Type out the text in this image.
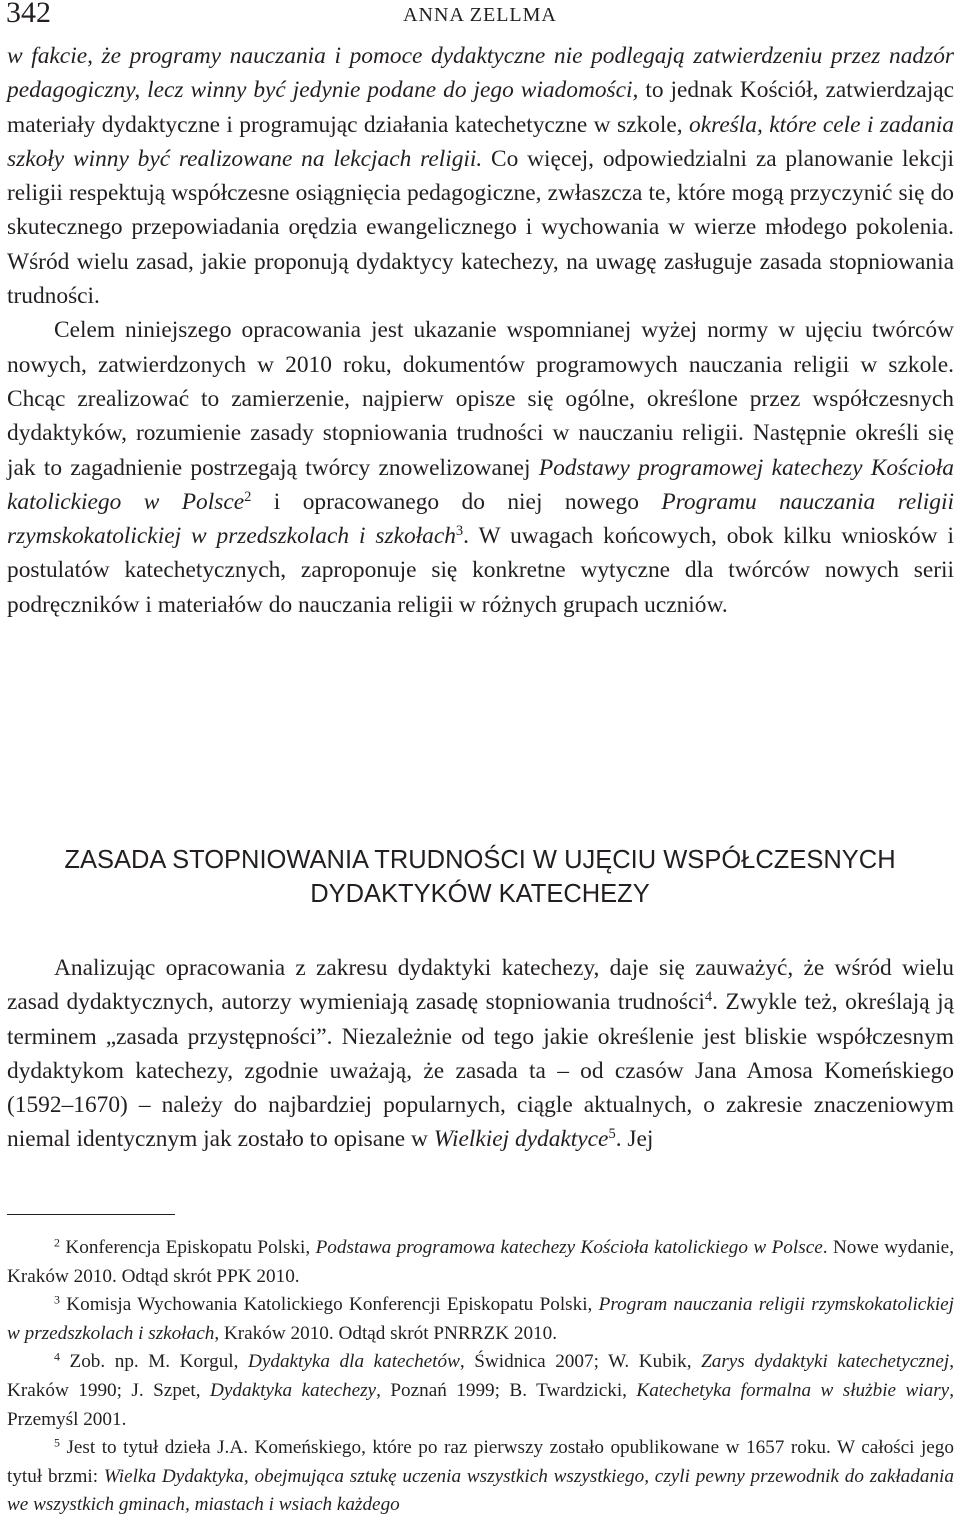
342	ANNA ZELLMA

w fakcie, że programy nauczania i pomoce dydaktyczne nie podlegają zatwierdzeniu przez nadzór pedagogiczny, lecz winny być jedynie podane do jego wiadomości, to jednak Kościół, zatwierdzając materiały dydaktyczne i programując działania katechetyczne w szkole, określa, które cele i zadania szkoły winny być realizowane na lekcjach religii. Co więcej, odpowiedzialni za planowanie lekcji religii respektują współczesne osiągnięcia pedagogiczne, zwłaszcza te, które mogą przyczynić się do skutecznego przepowiadania orędzia ewangelicznego i wychowania w wierze młodego pokolenia. Wśród wielu zasad, jakie proponują dydaktycy katechezy, na uwagę zasługuje zasada stopniowania trudności.

Celem niniejszego opracowania jest ukazanie wspomnianej wyżej normy w ujęciu twórców nowych, zatwierdzonych w 2010 roku, dokumentów programowych nauczania religii w szkole. Chcąc zrealizować to zamierzenie, najpierw opisze się ogólne, określone przez współczesnych dydaktyków, rozumienie zasady stopniowania trudności w nauczaniu religii. Następnie określi się jak to zagadnienie postrzegają twórcy znowelizowanej Podstawy programowej katechezy Kościoła katolickiego w Polsce$^2$ i opracowanego do niej nowego Programu nauczania religii rzymskokatolickiej w przedszkolach i szkołach$^3$. W uwagach końcowych, obok kilku wniosków i postulatów katechetycznych, zaproponuje się konkretne wytyczne dla twórców nowych serii podręczników i materiałów do nauczania religii w różnych grupach uczniów.

ZASADA STOPNIOWANIA TRUDNOŚCI W UJĘCIU WSPÓŁCZESNYCH
DYDAKTYKÓW KATECHEZY

Analizując opracowania z zakresu dydaktyki katechezy, daje się zauważyć, że wśród wielu zasad dydaktycznych, autorzy wymieniają zasadę stopniowania trudności$^4$. Zwykle też, określają ją terminem „zasada przystępności”. Niezależnie od tego jakie określenie jest bliskie współczesnym dydaktykom katechezy, zgodnie uważają, że zasada ta – od czasów Jana Amosa Komeńskiego (1592–1670) – należy do najbardziej popularnych, ciągle aktualnych, o zakresie znaczeniowym niemal identycznym jak zostało to opisane w Wielkiej dydaktyce$^5$. Jej

$^2$ Konferencja Episkopatu Polski, Podstawa programowa katechezy Kościoła katolickiego w Polsce. Nowe wydanie, Kraków 2010. Odtąd skrót PPK 2010.

$^3$ Komisja Wychowania Katolickiego Konferencji Episkopatu Polski, Program nauczania religii rzymskokatolickiej w przedszkolach i szkołach, Kraków 2010. Odtąd skrót PNRRZK 2010.

$^4$ Zob. np. M. Korgul, Dydaktyka dla katechetów, Świdnica 2007; W. Kubik, Zarys dydaktyki katechetycznej, Kraków 1990; J. Szpet, Dydaktyka katechezy, Poznań 1999; B. Twardzicki, Katechetyka formalna w służbie wiary, Przemyśl 2001.

$^5$ Jest to tytuł dzieła J.A. Komeńskiego, które po raz pierwszy zostało opublikowane w 1657 roku. W całości jego tytuł brzmi: Wielka Dydaktyka, obejmująca sztukę uczenia wszystkich wszystkiego, czyli pewny przewodnik do zakładania we wszystkich gminach, miastach i wsiach każdego
